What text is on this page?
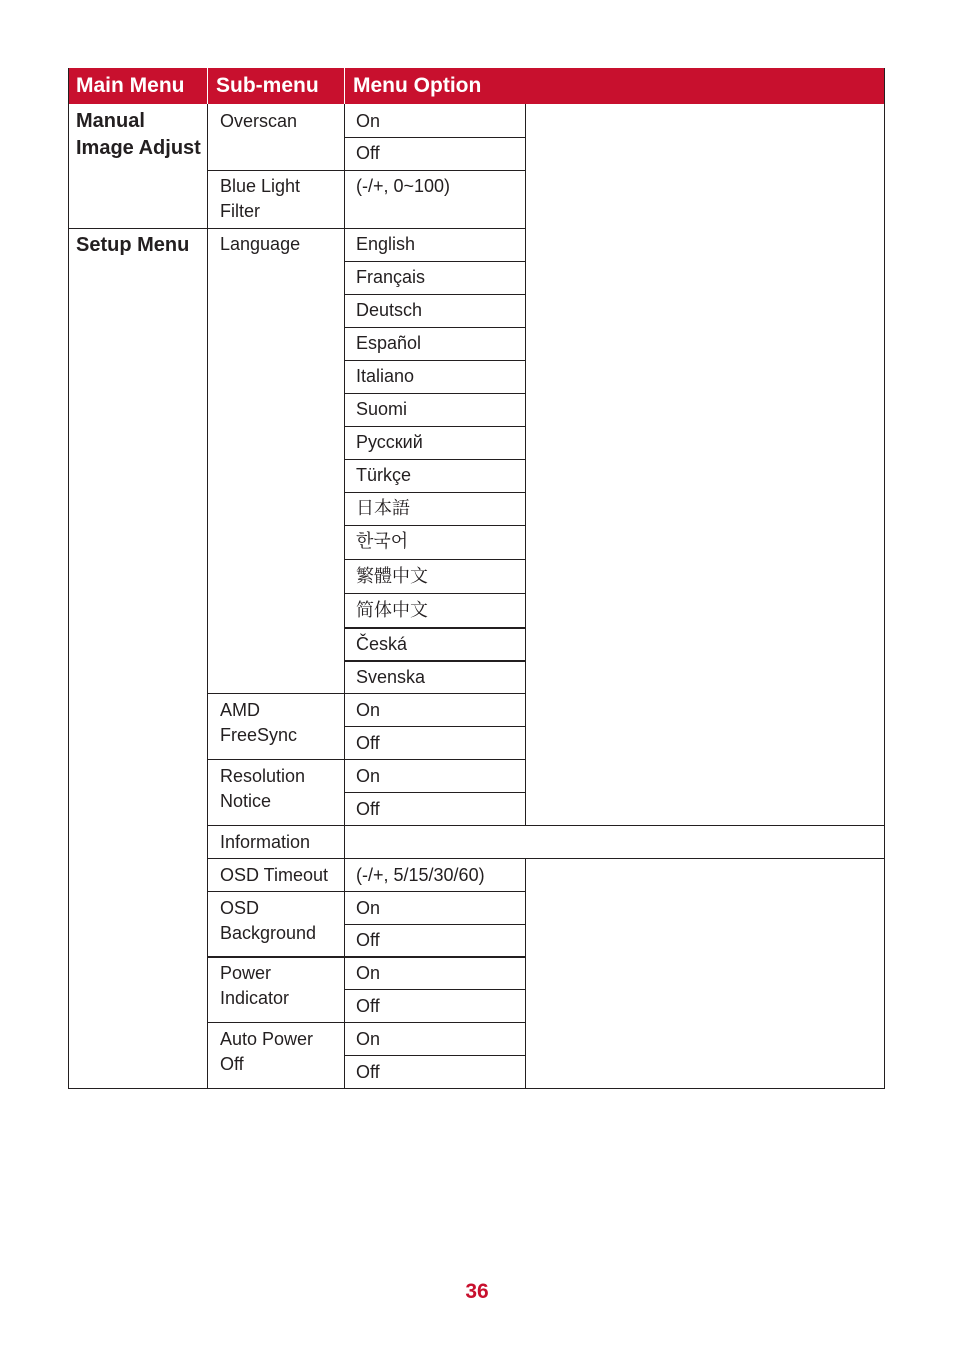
Main Menu Sub-menu Menu Option
Manual
Image Adjust
Setup Menu
Overscan
Blue Light
Filter
Language
AMD
FreeSync
Resolution
Notice
Information
OSD Timeout
OSD
Background
Power
Indicator
Auto Power
Off
On
Off
(-/+, 0~100)
English
Français
Deutsch
Español
Italiano
Suomi
Русский
Türkçe
日本語
한국어
繁體中文
简体中文
Česká
Svenska
On
Off
On
Off
(-/+, 5/15/30/60)
On
Off
On
Off
On
Off
36
